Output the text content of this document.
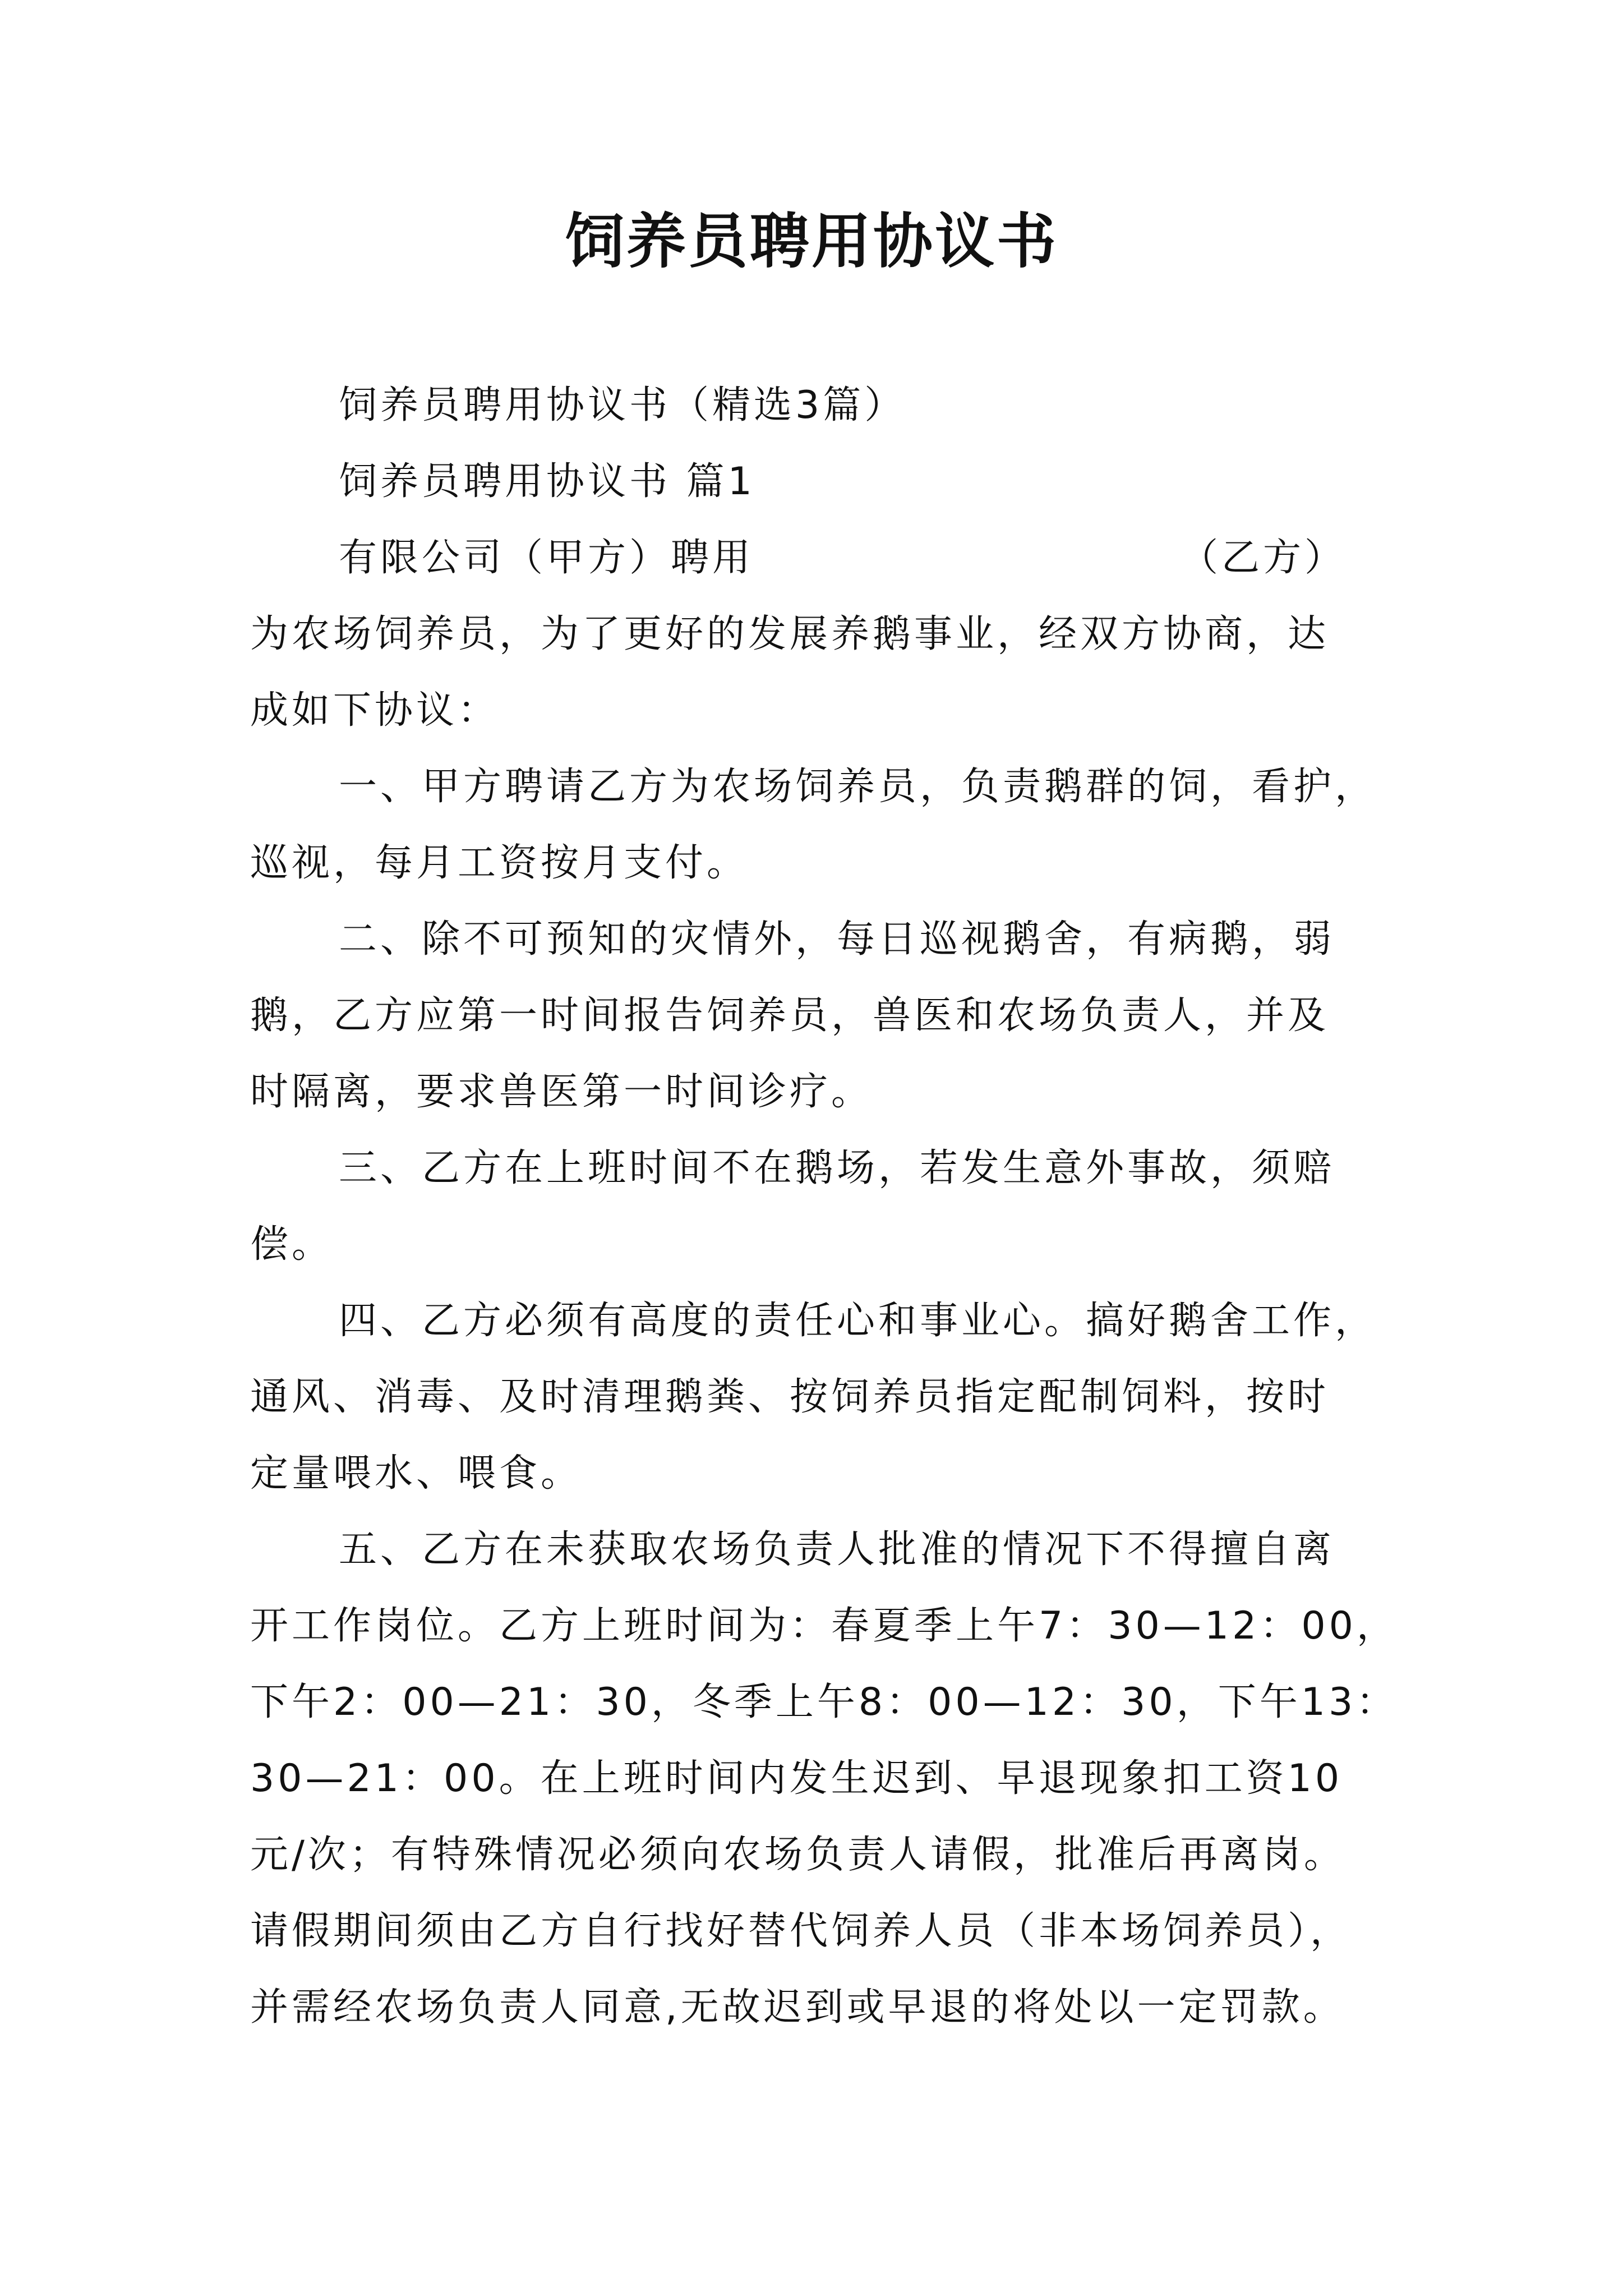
饲养员聘用协议书
饲养员聘用协议书（精选3篇）
饲养员聘用协议书 篇1
有限公司（甲方）聘用	（乙方）
为农场饲养员，为了更好的发展养鹅事业，经双方协商，达
成如下协议：
一、甲方聘请乙方为农场饲养员，负责鹅群的饲，看护，
巡视，每月工资按月支付。
二、除不可预知的灾情外，每日巡视鹅舍，有病鹅，弱
鹅，乙方应第一时间报告饲养员，兽医和农场负责人，并及
时隔离，要求兽医第一时间诊疗。
三、乙方在上班时间不在鹅场，若发生意外事故，须赔
偿。
四、乙方必须有高度的责任心和事业心。搞好鹅舍工作，
通风、消毒、及时清理鹅粪、按饲养员指定配制饲料，按时
定量喂水、喂食。
五、乙方在未获取农场负责人批准的情况下不得擅自离
开工作岗位。乙方上班时间为：春夏季上午7：30—12：00，
下午2：00—21：30，冬季上午8：00—12：30，下午13：
30—21：00。在上班时间内发生迟到、早退现象扣工资10
元/次；有特殊情况必须向农场负责人请假，批准后再离岗。
请假期间须由乙方自行找好替代饲养人员（非本场饲养员），
并需经农场负责人同意,无故迟到或早退的将处以一定罚款。
